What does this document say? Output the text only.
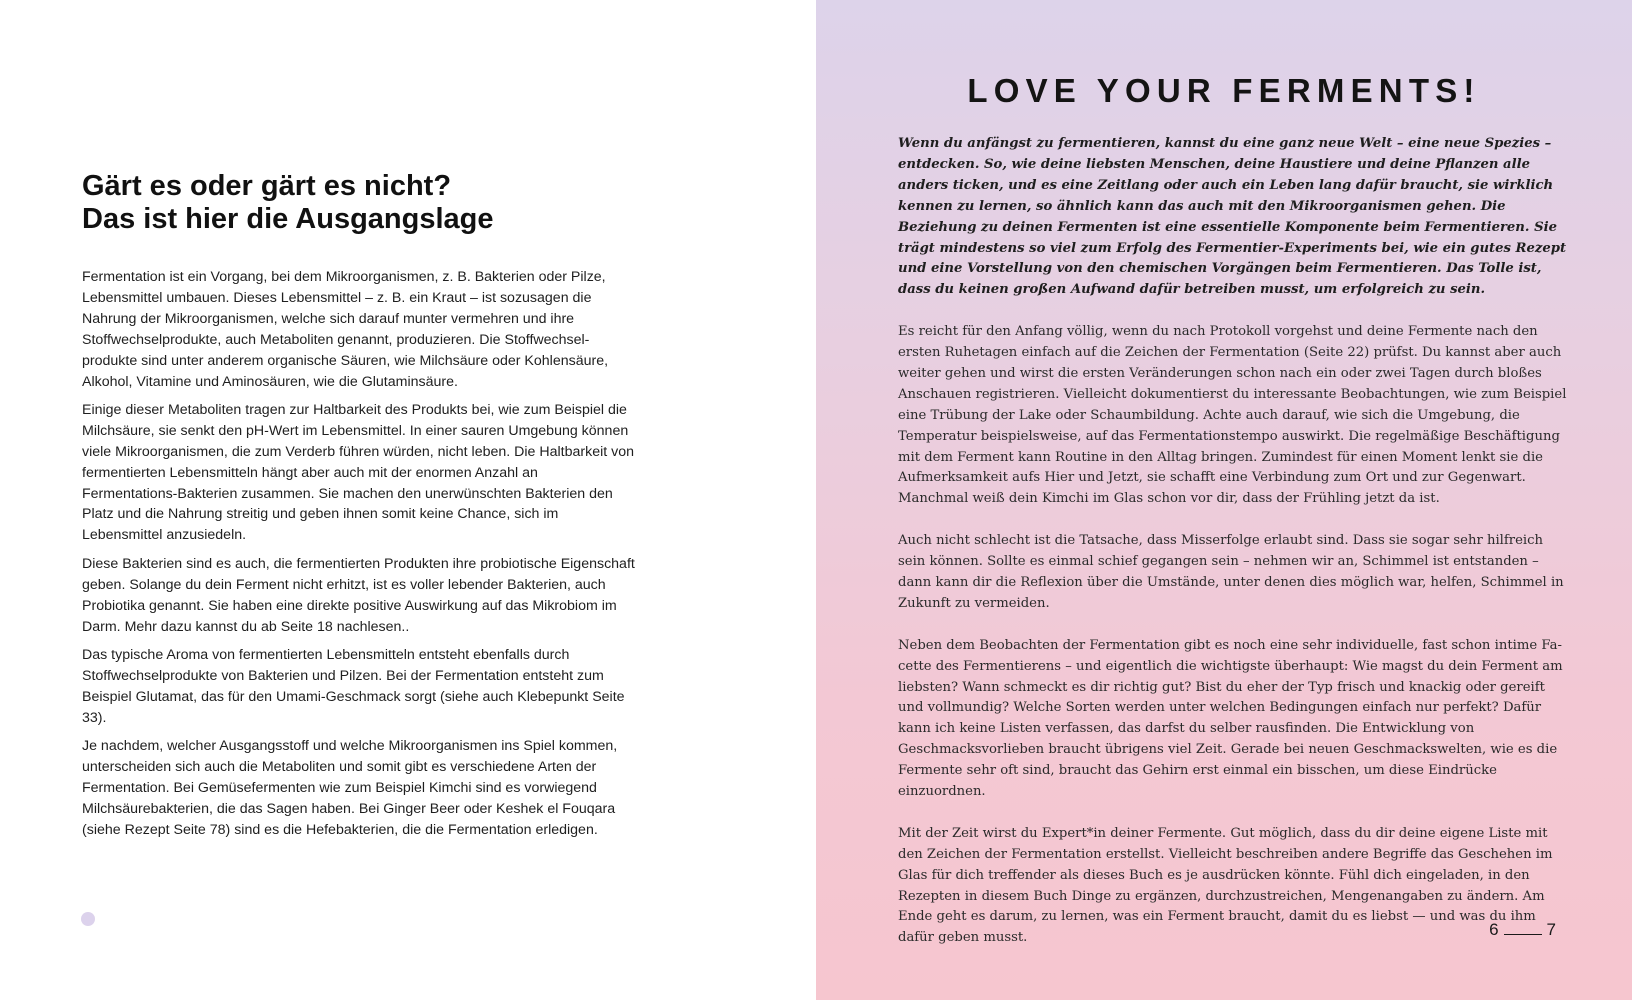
Gärt es oder gärt es nicht?
Das ist hier die Ausgangslage

Fermentation ist ein Vorgang, bei dem Mikroorganismen, z. B. Bakterien oder Pilze, Lebensmittel umbauen. Dieses Lebensmittel – z. B. ein Kraut – ist sozusagen die Nahrung der Mikroorganismen, welche sich darauf munter vermehren und ihre Stoffwechselprodukte, auch Metaboliten genannt, produzieren. Die Stoffwechselprodukte sind unter anderem organische Säuren, wie Milchsäure oder Kohlensäure, Alkohol, Vitamine und Aminosäuren, wie die Glutaminsäure.

Einige dieser Metaboliten tragen zur Haltbarkeit des Produkts bei, wie zum Beispiel die Milchsäure, sie senkt den pH-Wert im Lebensmittel. In einer sauren Umgebung können viele Mikroorganismen, die zum Verderb führen würden, nicht leben. Die Haltbarkeit von fermentierten Lebensmitteln hängt aber auch mit der enormen Anzahl an Fermentations-Bakterien zusammen. Sie machen den unerwünschten Bakterien den Platz und die Nahrung streitig und geben ihnen somit keine Chance, sich im Lebensmittel anzusiedeln.

Diese Bakterien sind es auch, die fermentierten Produkten ihre probiotische Eigenschaft geben. Solange du dein Ferment nicht erhitzt, ist es voller lebender Bakterien, auch Probiotika genannt. Sie haben eine direkte positive Auswirkung auf das Mikrobiom im Darm. Mehr dazu kannst du ab Seite 18 nachlesen..

Das typische Aroma von fermentierten Lebensmitteln entsteht ebenfalls durch Stoffwechselprodukte von Bakterien und Pilzen. Bei der Fermentation entsteht zum Beispiel Glutamat, das für den Umami-Geschmack sorgt (siehe auch Klebepunkt Seite 33).

Je nachdem, welcher Ausgangsstoff und welche Mikroorganismen ins Spiel kommen, unterscheiden sich auch die Metaboliten und somit gibt es verschiedene Arten der Fermentation. Bei Gemüsefermenten wie zum Beispiel Kimchi sind es vorwiegend Milchsäurebakterien, die das Sagen haben. Bei Ginger Beer oder Keshek el Fouqara (siehe Rezept Seite 78) sind es die Hefebakterien, die die Fermentation erledigen.

LOVE YOUR FERMENTS!

Wenn du anfängst zu fermentieren, kannst du eine ganz neue Welt – eine neue Spezies – entdecken. So, wie deine liebsten Menschen, deine Haustiere und deine Pflanzen alle anders ticken, und es eine Zeitlang oder auch ein Leben lang dafür braucht, sie wirklich kennen zu lernen, so ähnlich kann das auch mit den Mikroorganismen gehen. Die Beziehung zu deinen Fermenten ist eine essentielle Komponente beim Fermentieren. Sie trägt mindestens so viel zum Erfolg des Fermentier-Experiments bei, wie ein gutes Rezept und eine Vorstellung von den chemischen Vorgängen beim Fermentieren. Das Tolle ist, dass du keinen großen Aufwand dafür betreiben musst, um erfolgreich zu sein.

Es reicht für den Anfang völlig, wenn du nach Protokoll vorgehst und deine Fermente nach den ersten Ruhetagen einfach auf die Zeichen der Fermentation (Seite 22) prüfst. Du kannst aber auch weiter gehen und wirst die ersten Veränderungen schon nach ein oder zwei Tagen durch bloßes Anschauen registrieren. Vielleicht dokumentierst du interessante Beobachtungen, wie zum Beispiel eine Trübung der Lake oder Schaumbildung. Achte auch darauf, wie sich die Umgebung, die Temperatur beispielsweise, auf das Fermentationstempo auswirkt. Die regelmäßige Beschäftigung mit dem Ferment kann Routine in den Alltag bringen. Zumindest für einen Moment lenkt sie die Aufmerksamkeit aufs Hier und Jetzt, sie schafft eine Verbindung zum Ort und zur Gegenwart. Manchmal weiß dein Kimchi im Glas schon vor dir, dass der Frühling jetzt da ist.

Auch nicht schlecht ist die Tatsache, dass Misserfolge erlaubt sind. Dass sie sogar sehr hilfreich sein können. Sollte es einmal schief gegangen sein – nehmen wir an, Schimmel ist entstanden – dann kann dir die Reflexion über die Umstände, unter denen dies möglich war, helfen, Schimmel in Zukunft zu vermeiden.

Neben dem Beobachten der Fermentation gibt es noch eine sehr individuelle, fast schon intime Facette des Fermentierens – und eigentlich die wichtigste überhaupt: Wie magst du dein Ferment am liebsten? Wann schmeckt es dir richtig gut? Bist du eher der Typ frisch und knackig oder gereift und vollmundig? Welche Sorten werden unter welchen Bedingungen einfach nur perfekt? Dafür kann ich keine Listen verfassen, das darfst du selber rausfinden. Die Entwicklung von Geschmacksvorlieben braucht übrigens viel Zeit. Gerade bei neuen Geschmackswelten, wie es die Fermente sehr oft sind, braucht das Gehirn erst einmal ein bisschen, um diese Eindrücke einzuordnen.

Mit der Zeit wirst du Expert*in deiner Fermente. Gut möglich, dass du dir deine eigene Liste mit den Zeichen der Fermentation erstellst. Vielleicht beschreiben andere Begriffe das Geschehen im Glas für dich treffender als dieses Buch es je ausdrücken könnte. Fühl dich eingeladen, in den Rezepten in diesem Buch Dinge zu ergänzen, durchzustreichen, Mengenangaben zu ändern. Am Ende geht es darum, zu lernen, was ein Ferment braucht, damit du es liebst — und was du ihm dafür geben musst.	6	7
